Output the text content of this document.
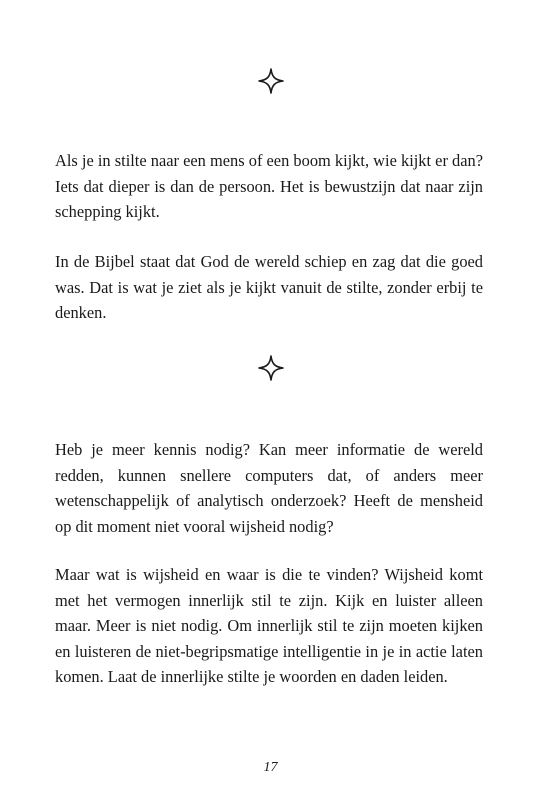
Als je in stilte naar een mens of een boom kijkt, wie kijkt er dan? Iets dat dieper is dan de persoon. Het is bewustzijn dat naar zijn schepping kijkt.

In de Bijbel staat dat God de wereld schiep en zag dat die goed was. Dat is wat je ziet als je kijkt vanuit de stilte, zonder erbij te denken.

Heb je meer kennis nodig? Kan meer informatie de wereld redden, kunnen snellere computers dat, of anders meer wetenschappelijk of analytisch onderzoek? Heeft de mensheid op dit moment niet vooral wijsheid nodig?

Maar wat is wijsheid en waar is die te vinden? Wijsheid komt met het vermogen innerlijk stil te zijn. Kijk en luister alleen maar. Meer is niet nodig. Om innerlijk stil te zijn moeten kijken en luisteren de niet-begripsmatige intelligentie in je in actie laten komen. Laat de innerlijke stilte je woorden en daden leiden.

17
